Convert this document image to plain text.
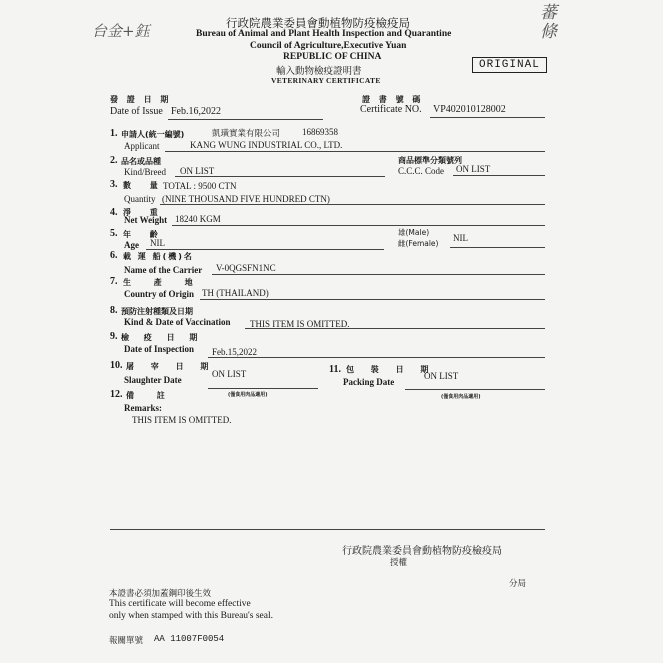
台金+鈺
蕃條
行政院農業委員會動植物防疫檢疫局
Bureau of Animal and Plant Health Inspection and Quarantine
Council of Agriculture,Executive Yuan
REPUBLIC OF CHINA
輸入動物檢疫證明書
VETERINARY CERTIFICATE
ORIGINAL
發 證 日 期
Date of Issue Feb.16,2022
證 書 號 碼
Certificate NO. VP402010128002
1. 申請人(統一編號)
Applicant
凱璜實業有限公司 16869358
KANG WUNG INDUSTRIAL CO., LTD.
2. 品名或品種
Kind/Breed ON LIST
商品標準分類號列
C.C.C. Code ON LIST
3. 數 量
TOTAL : 9500 CTN
Quantity (NINE THOUSAND FIVE HUNDRED CTN)
4. 淨 重
Net Weight 18240 KGM
5. 年 齡
Age NIL
雄(Male)
雌(Female)
NIL
6. 載 運 船(機)名
Name of the Carrier V-0QGSFN1NC
7. 生 產 地
Country of Origin TH (THAILAND)
8. 預防注射種類及日期
Kind & Date of Vaccination THIS ITEM IS OMITTED.
9. 檢 疫 日 期
Date of Inspection Feb.15,2022
10. 屠 宰 日 期
Slaughter Date
ON LIST
(僅食用肉品適用)
11. 包 裝 日 期
Packing Date
ON LIST
(僅食用肉品適用)
12. 備 註
Remarks:
THIS ITEM IS OMITTED.
行政院農業委員會動植物防疫檢疫局
授權
分局
本證書必須加蓋鋼印後生效
This certificate will become effective
only when stamped with this Bureau's seal.
報關單號 AA 11007F0054
